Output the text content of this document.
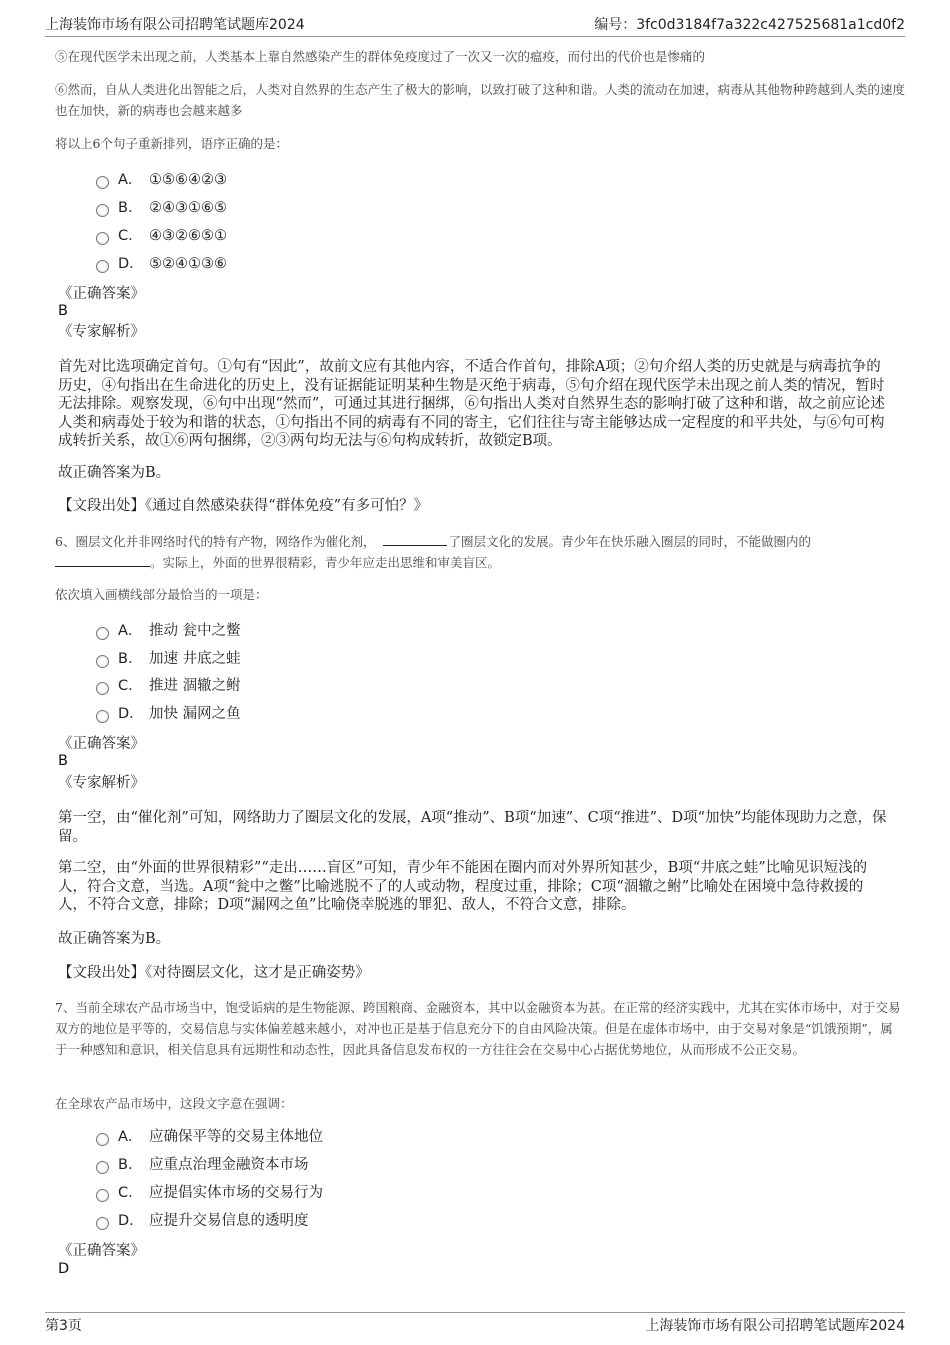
上海装饰市场有限公司招聘笔试题库2024	编号：3fc0d3184f7a322c427525681a1cd0f2

⑤在现代医学未出现之前，人类基本上靠自然感染产生的群体免疫度过了一次又一次的瘟疫，而付出的代价也是惨痛的

⑥然而，自从人类进化出智能之后，人类对自然界的生态产生了极大的影响，以致打破了这种和谐。人类的流动在加速，病毒从其他物种跨越到人类的速度也在加快，新的病毒也会越来越多

将以上6个句子重新排列，语序正确的是：

A． ①⑤⑥④②③
B． ②④③①⑥⑤
C． ④③②⑥⑤①
D． ⑤②④①③⑥
《正确答案》
B
《专家解析》

首先对比选项确定首句。①句有“因此”，故前文应有其他内容，不适合作首句，排除A项；②句介绍人类的历史就是与病毒抗争的历史，④句指出在生命进化的历史上，没有证据能证明某种生物是灭绝于病毒，⑤句介绍在现代医学未出现之前人类的情况，暂时无法排除。观察发现，⑥句中出现“然而”，可通过其进行捆绑，⑥句指出人类对自然界生态的影响打破了这种和谐，故之前应论述人类和病毒处于较为和谐的状态，①句指出不同的病毒有不同的寄主，它们往往与寄主能够达成一定程度的和平共处，与⑥句可构成转折关系，故①⑥两句捆绑，②③两句均无法与⑥句构成转折，故锁定B项。

故正确答案为B。

【文段出处】《通过自然感染获得“群体免疫”有多可怕？》

6、圈层文化并非网络时代的特有产物，网络作为催化剂，	了圈层文化的发展。青少年在快乐融入圈层的同时，不能做圈内的
。实际上，外面的世界很精彩，青少年应走出思维和审美盲区。

依次填入画横线部分最恰当的一项是：

A． 推动 瓮中之鳖
B． 加速 井底之蛙
C． 推进 涸辙之鲋
D． 加快 漏网之鱼
《正确答案》
B
《专家解析》

第一空，由“催化剂”可知，网络助力了圈层文化的发展，A项“推动”、B项“加速”、C项“推进”、D项“加快”均能体现助力之意，保留。

第二空，由“外面的世界很精彩”“走出……盲区”可知，青少年不能困在圈内而对外界所知甚少，B项“井底之蛙”比喻见识短浅的人，符合文意，当选。A项“瓮中之鳖”比喻逃脱不了的人或动物，程度过重，排除；C项“涸辙之鲋”比喻处在困境中急待救援的人，不符合文意，排除；D项“漏网之鱼”比喻侥幸脱逃的罪犯、敌人，不符合文意，排除。

故正确答案为B。

【文段出处】《对待圈层文化，这才是正确姿势》

7、当前全球农产品市场当中，饱受诟病的是生物能源、跨国粮商、金融资本，其中以金融资本为甚。在正常的经济实践中，尤其在实体市场中，对于交易双方的地位是平等的，交易信息与实体偏差越来越小，对冲也正是基于信息充分下的自由风险决策。但是在虚体市场中，由于交易对象是“饥饿预期”，属于一种感知和意识，相关信息具有远期性和动态性，因此具备信息发布权的一方往往会在交易中心占据优势地位，从而形成不公正交易。

在全球农产品市场中，这段文字意在强调：

A． 应确保平等的交易主体地位
B． 应重点治理金融资本市场
C． 应提倡实体市场的交易行为
D． 应提升交易信息的透明度
《正确答案》
D
第3页	上海装饰市场有限公司招聘笔试题库2024
